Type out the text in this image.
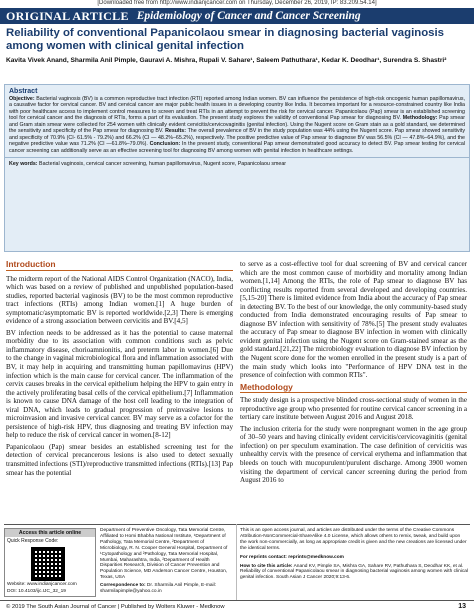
[Downloaded free from http://www.indianjcancer.com on Thursday, December 26, 2019, IP: 83.209.54.14]
ORIGINAL ARTICLE Epidemiology of Cancer and Cancer Screening
Reliability of conventional Papanicolaou smear in diagnosing bacterial vaginosis among women with clinical genital infection
Kavita Vivek Anand, Sharmila Anil Pimple, Gauravi A. Mishra, Rupali V. Sahare¹, Saleem Pathuthara¹, Kedar K. Deodhar¹, Surendra S. Shastri²
Abstract
Objective: Bacterial vaginosis (BV) is a common reproductive tract infection (RTI) reported among Indian women. BV can influence the persistence of high-risk oncogenic human papillomavirus, a causative factor for cervical cancer. BV and cervical cancer are major public health issues in a developing country like India. It becomes important for a resource-constrained country like India with poor healthcare access to implement control measures to screen and treat RTIs in an attempt to prevent the risk for cervical cancer. Papanicolaou (Pap) smear is an established screening tool for cervical cancer and the diagnosis of RTIs, forms a part of its evaluation. The present study explores the validity of conventional Pap smear for diagnosing BV. Methodology: Pap smear and Gram stain smear were collected for 254 women with clinically evident cervicitis/cervicovaginitis (genital infection). Using the Nugent score on Gram stain as a gold standard, we determined the sensitivity and specificity of the Pap smear for diagnosing BV. Results: The overall prevalence of BV in the study population was 44% using the Nugent score. Pap smear showed sensitivity and specificity of 70.9% (CI- 61.5% - 79.2%) and 66.2% (CI — 48.2%–65.2%), respectively. The positive predictive value of Pap smear to diagnose BV was 56.5% (CI — 47.8%–64.9%), and the negative predictive value was 71.2% (CI —61.8%–79.0%). Conclusion: In the present study, conventional Pap smear demonstrated good accuracy to detect BV. Pap smear testing for cervical cancer screening can additionally serve as an effective screening tool for diagnosing BV among women with genital infection in healthcare settings.
Key words: Bacterial vaginosis, cervical cancer screening, human papillomavirus, Nugent score, Papanicolaou smear
Introduction

The midterm report of the National AIDS Control Organization (NACO), India, which was based on a review of published and unpublished population-based studies, reported bacterial vaginosis (BV) to be the most common reproductive tract infections (RTIs) among Indian women.[1] A huge burden of symptomatic/asymptomatic BV is reported worldwide.[2,3] There is emerging evidence of a strong association between cervicitis and BV.[4,5]

BV infection needs to be addressed as it has the potential to cause maternal morbidity due to its association with common conditions such as pelvic inflammatory disease, chorioamnionitis, and preterm labor in women.[6] Due to the change in vaginal microbiological flora and inflammation associated with BV, it may help in acquiring and transmitting human papillomavirus (HPV) infection which is the main cause for cervical cancer. The inflammation of the cervix causes breaks in the cervical epithelium helping the HPV to gain entry in the actively proliferating basal cells of the cervical epithelium.[7] Inflammation is known to cause DNA damage of the host cell leading to the integration of viral DNA, which leads to gradual progression of preinvasive lesions to microinvasion and invasive cervical cancer. BV may serve as a cofactor for the persistence of high-risk HPV, thus diagnosing and treating BV infection may help to reduce the risk of cervical cancer in women.[8-12]

Papanicolaou (Pap) smear besides an established screening test for the detection of cervical precancerous lesions is also used to detect sexually transmitted infections (STI)/reproductive transmitted infections (RTIs).[13] Pap smear has the potential

to serve as a cost-effective tool for dual screening of BV and cervical cancer which are the most common cause of morbidity and mortality among Indian women.[1,14] Among the RTIs, the role of Pap smear to diagnose BV has conflicting results reported from several developed and developing countries.[5,15-20] There is limited evidence from India about the accuracy of Pap smear in detecting BV. To the best of our knowledge, the only community-based study conducted from India demonstrated encouraging results of Pap smear to diagnose BV infection with sensitivity of 78%.[5] The present study evaluates the accuracy of Pap smear to diagnose BV infection in women with clinically evident genital infection using the Nugent score on Gram-stained smear as the gold standard.[21,22] The microbiology evaluation to diagnose BV infection by the Nugent score done for the women enrolled in the present study is a part of the main study which looks into "Performance of HPV DNA test in the presence of coinfection with common RTIs".

Methodology

The study design is a prospective blinded cross-sectional study of women in the reproductive age group who presented for routine cervical cancer screening in a tertiary care institute between August 2016 and August 2018.

The inclusion criteria for the study were nonpregnant women in the age group of 30–50 years and having clinically evident cervicitis/cervicovaginitis (genital infection) on per speculum examination. The case definition of cervicitis was unhealthy cervix with the presence of cervical erythema and inflammation that bleeds on touch with mucopurulent/purulent discharge. Among 3900 women visiting the department of cervical cancer screening during the period from August 2016 to

Access this article online
Quick Response Code:
Website: www.indianjcancer.com
DOI: 10.4103/ijc.IJC_32_19
Department of Preventive Oncology, Tata Memorial Centre, Affiliated to Homi Bhabha National Institute, ¹Department of Pathology, Tata Memorial Centre, ²Department of Microbiology, R. N. Cooper General Hospital, Department of ¹Cytopathology and ²Pathology, Tata Memorial Hospital, Mumbai, Maharashtra, India, ²Department of Health Disparities Research, Division of Cancer Prevention and Population Science, MD Anderson Cancer Centre, Houston, Texas, USA
Correspondence to: Dr. Sharmila Anil Pimple, E-mail: sharmilapimple@yahoo.co.in
This is an open access journal, and articles are distributed under the terms of the Creative Commons Attribution-NonCommercial-ShareAlike 4.0 License, which allows others to remix, tweak, and build upon the work non-commercially, as long as appropriate credit is given and the new creations are licensed under the identical terms.
For reprints contact: reprints@medknow.com
How to cite this article: Anand KV, Pimple SA, Mishra GA, Sahare RV, Pathuthara S, Deodhar KK, et al. Reliability of conventional Papanicolaou smear in diagnosing bacterial vaginosis among women with clinical genital infection. South Asian J Cancer 2020;9:13-6.
© 2019 The South Asian Journal of Cancer | Published by Wolters Kluwer - Medknow	13
